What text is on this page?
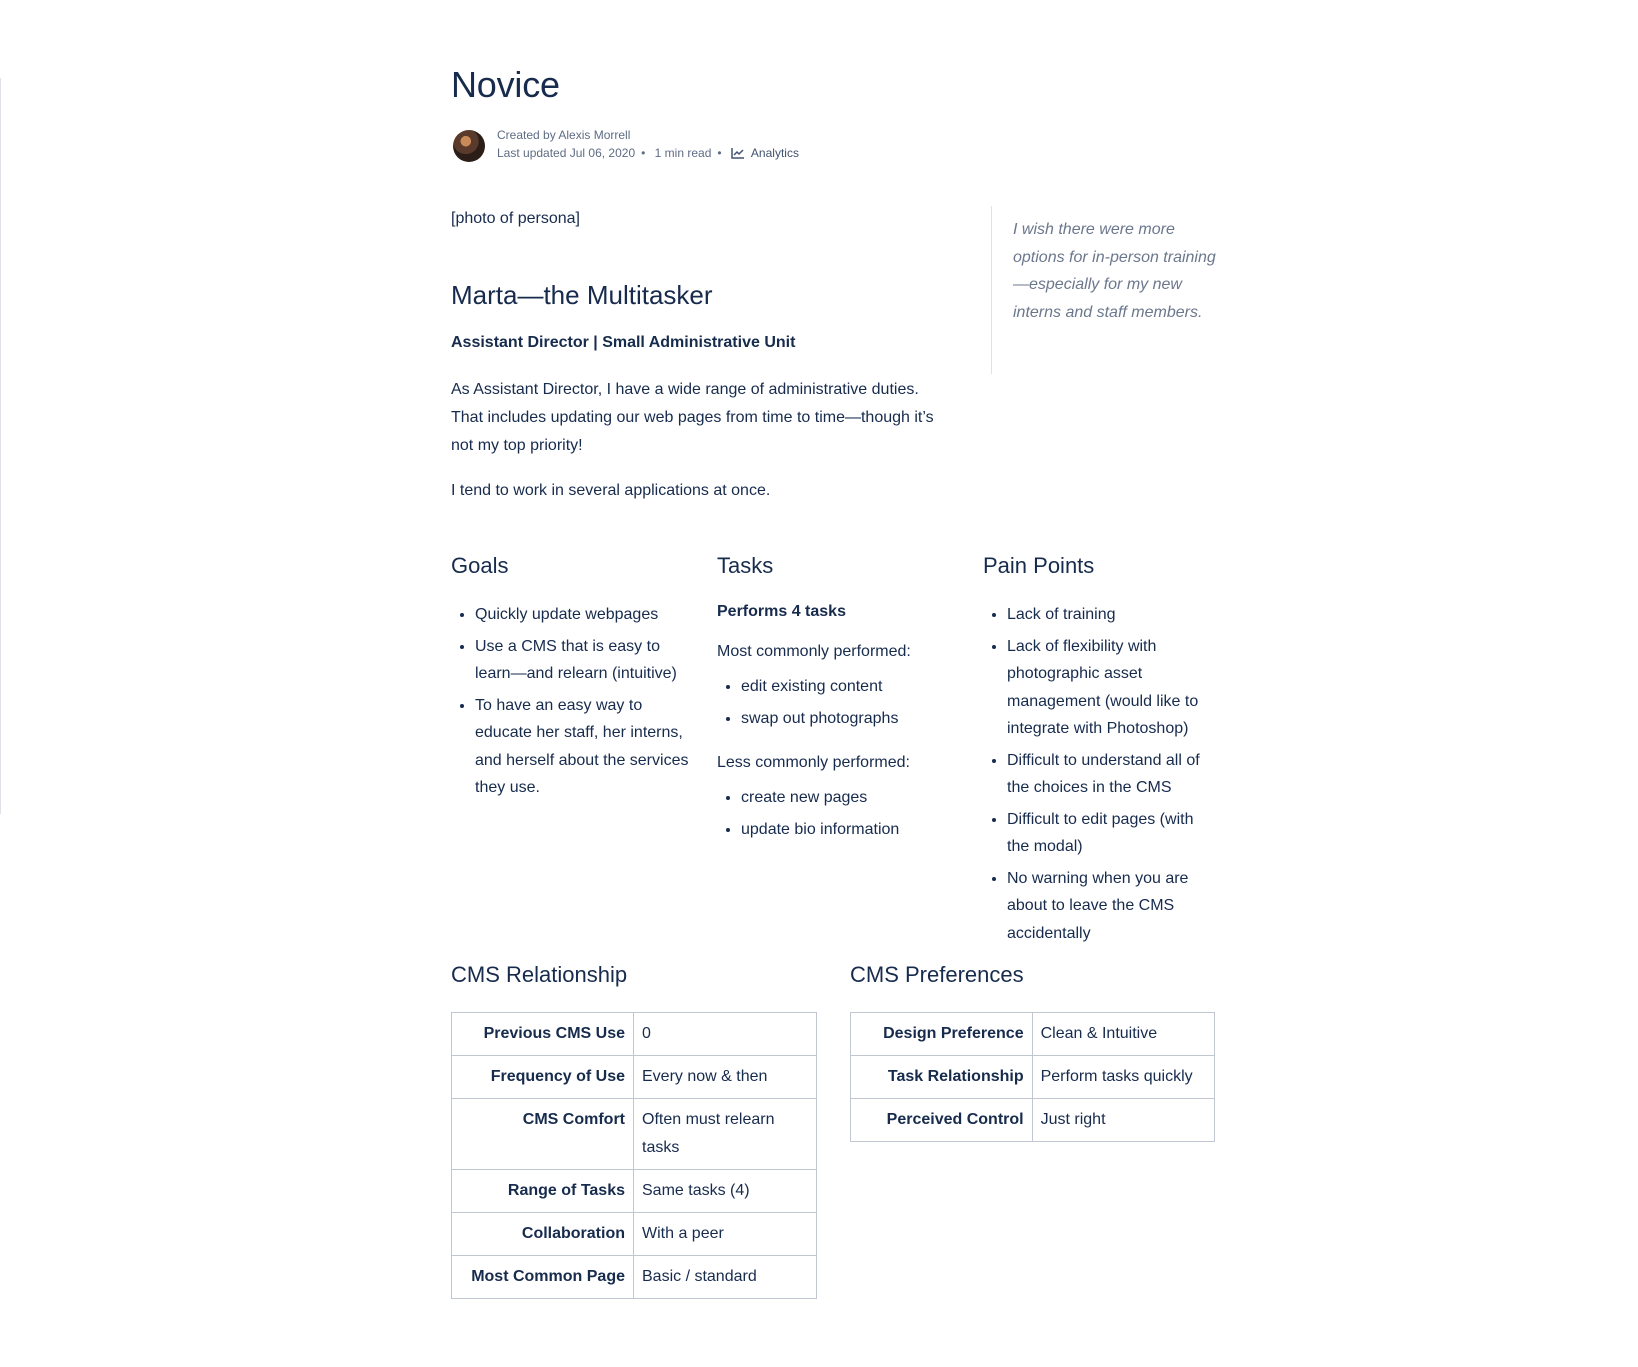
Novice
Created by Alexis Morrell
Last updated Jul 06, 2020 • 1 min read • Analytics
[photo of persona]
I wish there were more options for in-person training—especially for my new interns and staff members.
Marta—the Multitasker
Assistant Director | Small Administrative Unit

As Assistant Director, I have a wide range of administrative duties. That includes updating our web pages from time to time—though it’s not my top priority!

I tend to work in several applications at once.

Goals
• Quickly update webpages
• Use a CMS that is easy to learn—and relearn (intuitive)
• To have an easy way to educate her staff, her interns, and herself about the services they use.
Tasks
Performs 4 tasks
Most commonly performed:
• edit existing content
• swap out photographs
Less commonly performed:
• create new pages
• update bio information
Pain Points
• Lack of training
• Lack of flexibility with photographic asset management (would like to integrate with Photoshop)
• Difficult to understand all of the choices in the CMS
• Difficult to edit pages (with the modal)
• No warning when you are about to leave the CMS accidentally
CMS Relationship	CMS Preferences
Previous CMS Use	0
Frequency of Use	Every now & then
CMS Comfort	Often must relearn tasks
Range of Tasks	Same tasks (4)
Collaboration	With a peer
Most Common Page	Basic / standard
Design Preference	Clean & Intuitive
Task Relationship	Perform tasks quickly
Perceived Control	Just right
